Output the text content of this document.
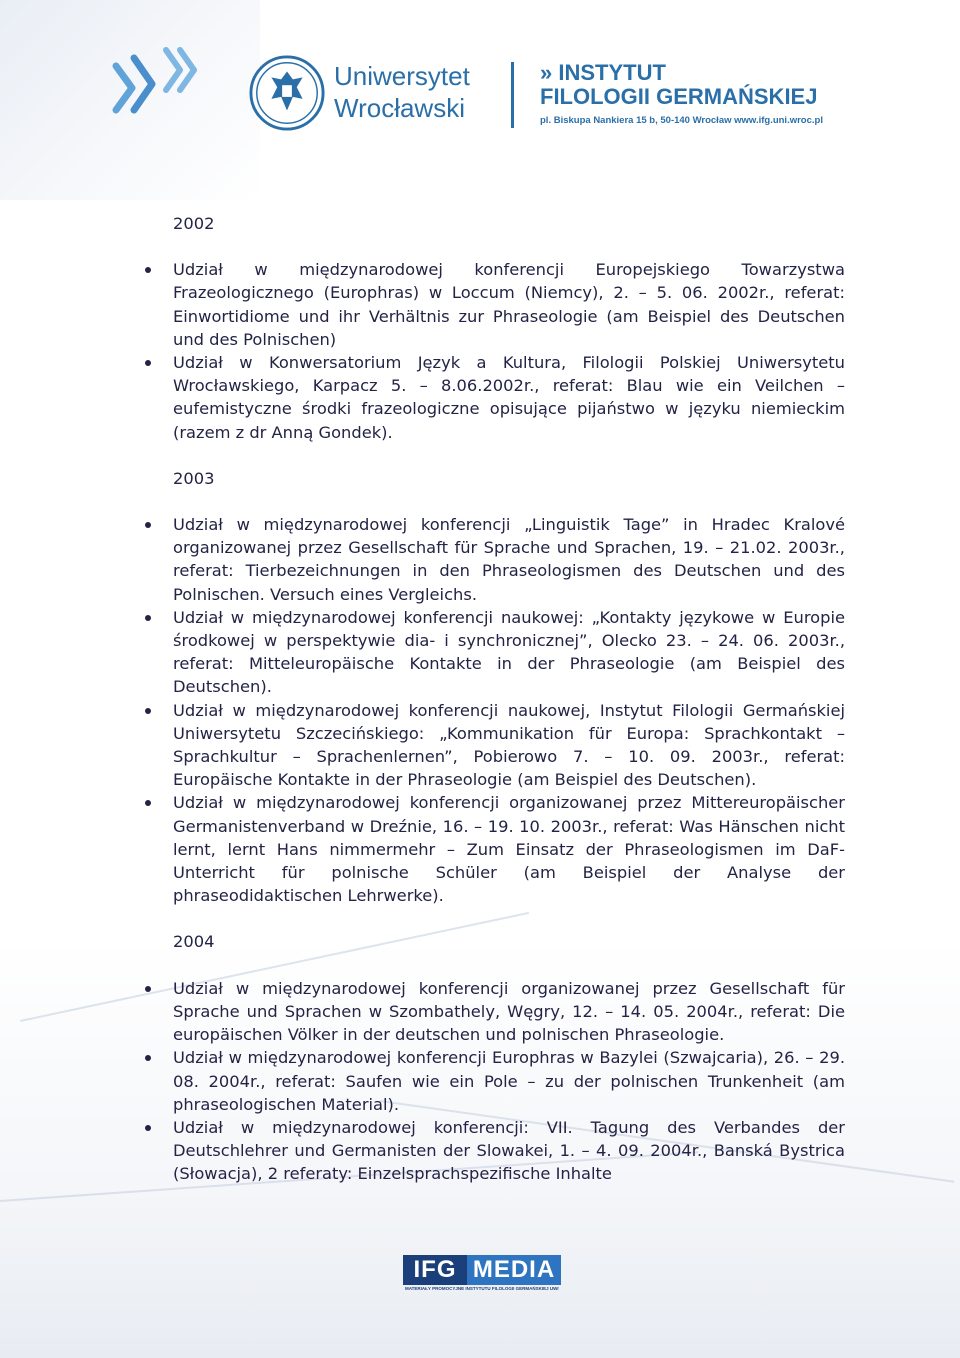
Uniwersytet
Wrocławski
» INSTYTUT
FILOLOGII GERMAŃSKIEJ
pl. Biskupa Nankiera 15 b, 50-140 Wrocław www.ifg.uni.wroc.pl

2002

Udział w międzynarodowej konferencji Europejskiego Towarzystwa Frazeologicznego (Europhras) w Loccum (Niemcy), 2. – 5. 06. 2002r., referat: Einwortidiome und ihr Verhältnis zur Phraseologie (am Beispiel des Deutschen und des Polnischen)
Udział w Konwersatorium Język a Kultura, Filologii Polskiej Uniwersytetu Wrocławskiego, Karpacz 5. – 8.06.2002r., referat: Blau wie ein Veilchen – eufemistyczne środki frazeologiczne opisujące pijaństwo w języku niemieckim (razem z dr Anną Gondek).

2003

Udział w międzynarodowej konferencji „Linguistik Tage” in Hradec Kralové organizowanej przez Gesellschaft für Sprache und Sprachen, 19. – 21.02. 2003r., referat: Tierbezeichnungen in den Phraseologismen des Deutschen und des Polnischen. Versuch eines Vergleichs.
Udział w międzynarodowej konferencji naukowej: „Kontakty językowe w Europie środkowej w perspektywie dia- i synchronicznej”, Olecko 23. – 24. 06. 2003r., referat: Mitteleuropäische Kontakte in der Phraseologie (am Beispiel des Deutschen).
Udział w międzynarodowej konferencji naukowej, Instytut Filologii Germańskiej Uniwersytetu Szczecińskiego: „Kommunikation für Europa: Sprachkontakt – Sprachkultur – Sprachenlernen”, Pobierowo 7. – 10. 09. 2003r., referat: Europäische Kontakte in der Phraseologie (am Beispiel des Deutschen).
Udział w międzynarodowej konferencji organizowanej przez Mittereuropäischer Germanistenverband w Dreźnie, 16. – 19. 10. 2003r., referat: Was Hänschen nicht lernt, lernt Hans nimmermehr – Zum Einsatz der Phraseologismen im DaF-Unterricht für polnische Schüler (am Beispiel der Analyse der phraseodidaktischen Lehrwerke).

2004

Udział w międzynarodowej konferencji organizowanej przez Gesellschaft für Sprache und Sprachen w Szombathely, Węgry, 12. – 14. 05. 2004r., referat: Die europäischen Völker in der deutschen und polnischen Phraseologie.
Udział w międzynarodowej konferencji Europhras w Bazylei (Szwajcaria), 26. – 29. 08. 2004r., referat: Saufen wie ein Pole – zu der polnischen Trunkenheit (am phraseologischen Material).
Udział w międzynarodowej konferencji: VII. Tagung des Verbandes der Deutschlehrer und Germanisten der Slowakei, 1. – 4. 09. 2004r., Banská Bystrica (Słowacja), 2 referaty: Einzelsprachspezifische Inhalte
IFG MEDIA
MATERIAŁY PROMOCYJNE INSTYTUTU FILOLOGII GERMAŃSKIEJ UWr
